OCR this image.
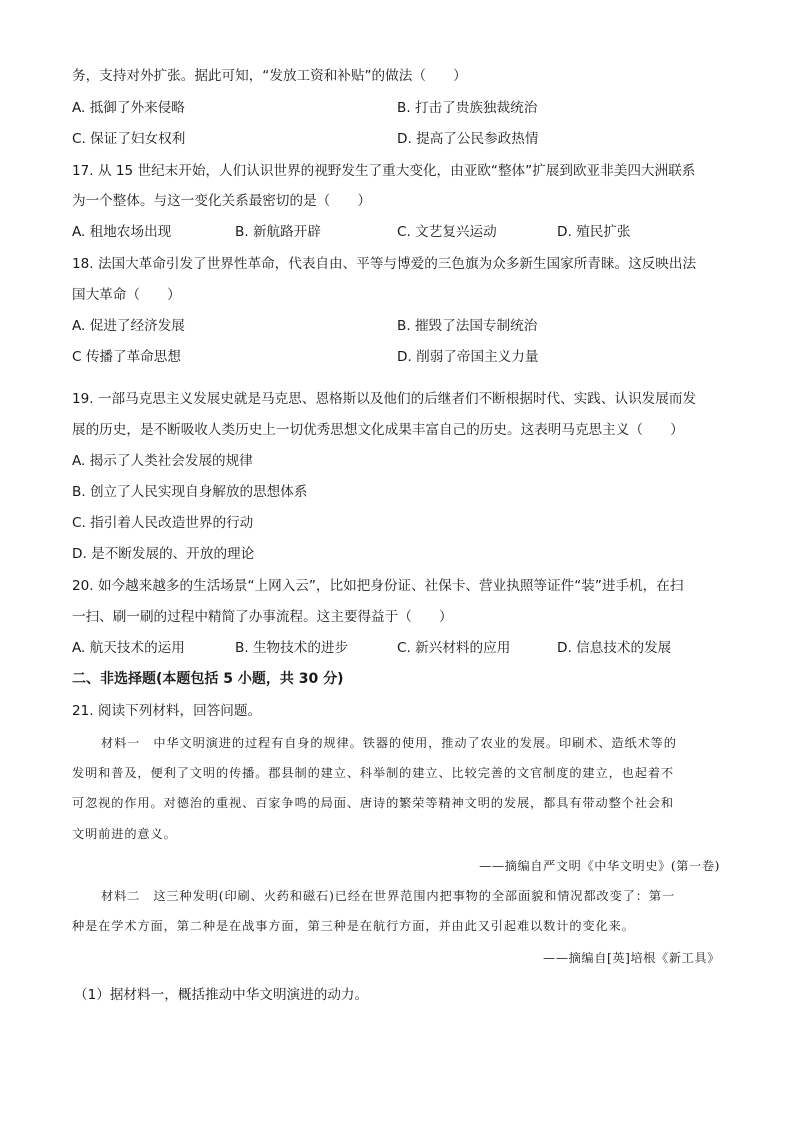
务，支持对外扩张。据此可知，“发放工资和补贴”的做法（　　）
A. 抵御了外来侵略	B. 打击了贵族独裁统治
C. 保证了妇女权利	D. 提高了公民参政热情
17. 从 15 世纪末开始，人们认识世界的视野发生了重大变化，由亚欧“整体”扩展到欧亚非美四大洲联系
为一个整体。与这一变化关系最密切的是（　　）
A. 租地农场出现	B. 新航路开辟	C. 文艺复兴运动	D. 殖民扩张
18. 法国大革命引发了世界性革命，代表自由、平等与博爱的三色旗为众多新生国家所青睐。这反映出法
国大革命（　　）
A. 促进了经济发展	B. 摧毁了法国专制统治
C 传播了革命思想	D. 削弱了帝国主义力量
19. 一部马克思主义发展史就是马克思、恩格斯以及他们的后继者们不断根据时代、实践、认识发展而发
展的历史，是不断吸收人类历史上一切优秀思想文化成果丰富自己的历史。这表明马克思主义（　　）
A. 揭示了人类社会发展的规律
B. 创立了人民实现自身解放的思想体系
C. 指引着人民改造世界的行动
D. 是不断发展的、开放的理论
20. 如今越来越多的生活场景“上网入云”，比如把身份证、社保卡、营业执照等证件“装”进手机，在扫
一扫、刷一刷的过程中精简了办事流程。这主要得益于（　　）
A. 航天技术的运用	B. 生物技术的进步	C. 新兴材料的应用	D. 信息技术的发展
二、非选择题(本题包括 5 小题，共 30 分)
21. 阅读下列材料，回答问题。
材料一　中华文明演进的过程有自身的规律。铁器的使用，推动了农业的发展。印刷术、造纸术等的
发明和普及，便利了文明的传播。郡县制的建立、科举制的建立、比较完善的文官制度的建立，也起着不
可忽视的作用。对德治的重视、百家争鸣的局面、唐诗的繁荣等精神文明的发展，都具有带动整个社会和
文明前进的意义。
——摘编自严文明《中华文明史》(第一卷)
材料二　这三种发明(印刷、火药和磁石)已经在世界范围内把事物的全部面貌和情况都改变了：第一
种是在学术方面，第二种是在战事方面，第三种是在航行方面，并由此又引起难以数计的变化来。
——摘编自[英]培根《新工具》
（1）据材料一，概括推动中华文明演进的动力。
